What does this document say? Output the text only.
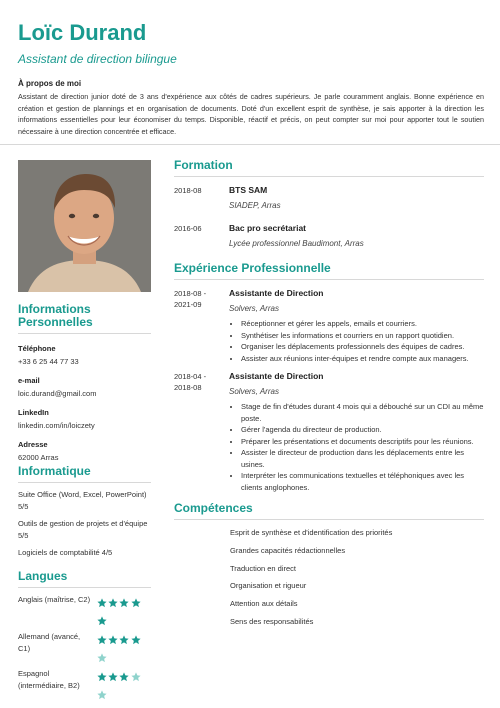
Loïc Durand
Assistant de direction bilingue
À propos de moi
Assistant de direction junior doté de 3 ans d'expérience aux côtés de cadres supérieurs. Je parle couramment anglais. Bonne expérience en création et gestion de plannings et en organisation de documents. Doté d'un excellent esprit de synthèse, je sais apporter à la direction les informations essentielles pour leur économiser du temps. Disponible, réactif et précis, on peut compter sur moi pour apporter tout le soutien nécessaire à une direction concentrée et efficace.
Informations Personnelles
Téléphone
+33 6 25 44 77 33
e-mail
loic.durand@gmail.com
LinkedIn
linkedin.com/in/loiczety
Adresse
62000 Arras
Informatique
Suite Office (Word, Excel, PowerPoint) 5/5
Outils de gestion de projets et d'équipe 5/5
Logiciels de comptabilité 4/5
Langues
Anglais (maîtrise, C2)
Allemand (avancé, C1)
Espagnol (intermédiaire, B2)
Formation
2018-08	BTS SAM
SIADEP, Arras
2016-06	Bac pro secrétariat
Lycée professionnel Baudimont, Arras
Expérience Professionnelle
2018-08 - 2021-09
Assistante de Direction
Solvers, Arras
• Réceptionner et gérer les appels, emails et courriers.
• Synthétiser les informations et courriers en un rapport quotidien.
• Organiser les déplacements professionnels des équipes de cadres.
• Assister aux réunions inter-équipes et rendre compte aux managers.
2018-04 - 2018-08
Assistante de Direction
Solvers, Arras
• Stage de fin d'études durant 4 mois qui a débouché sur un CDI au même poste.
• Gérer l'agenda du directeur de production.
• Préparer les présentations et documents descriptifs pour les réunions.
• Assister le directeur de production dans les déplacements entre les usines.
• Interpréter les communications textuelles et téléphoniques avec les clients anglophones.
Compétences
Esprit de synthèse et d'identification des priorités
Grandes capacités rédactionnelles
Traduction en direct
Organisation et rigueur
Attention aux détails
Sens des responsabilités
